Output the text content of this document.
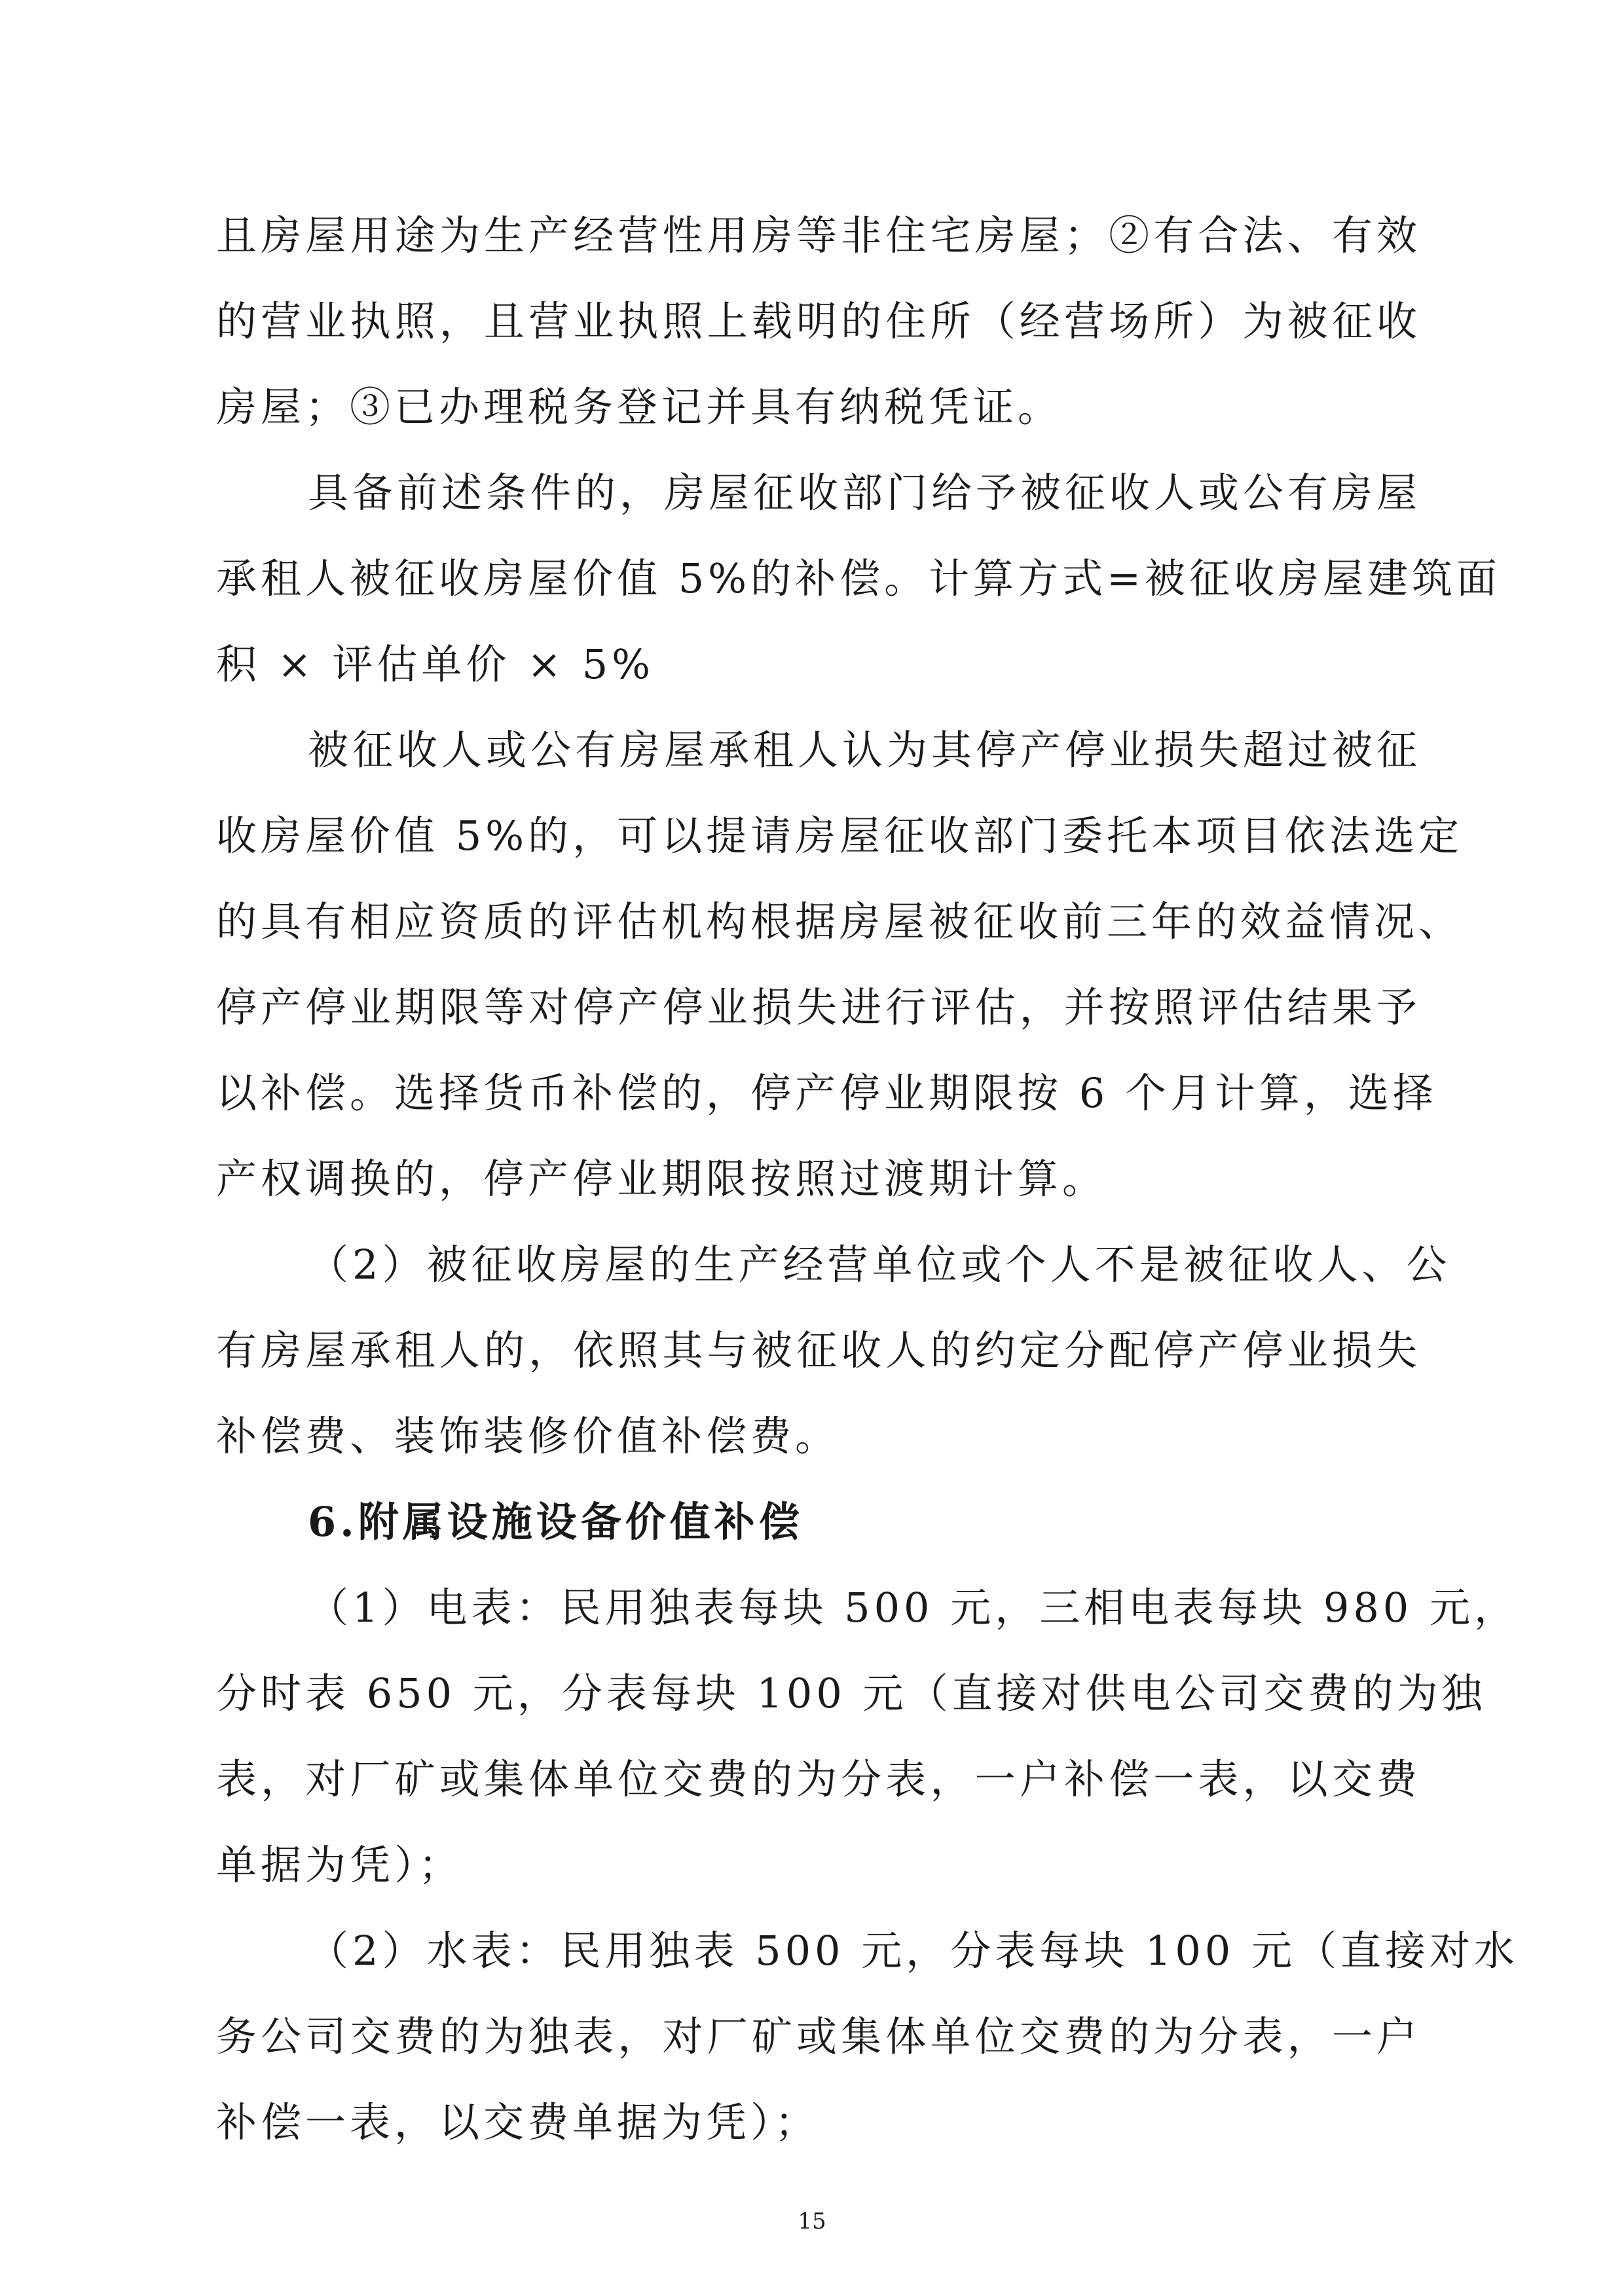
且房屋用途为生产经营性用房等非住宅房屋；②有合法、有效
的营业执照，且营业执照上载明的住所（经营场所）为被征收
房屋；③已办理税务登记并具有纳税凭证。
具备前述条件的，房屋征收部门给予被征收人或公有房屋
承租人被征收房屋价值 5%的补偿。计算方式=被征收房屋建筑面
积 × 评估单价 × 5%
被征收人或公有房屋承租人认为其停产停业损失超过被征
收房屋价值 5%的，可以提请房屋征收部门委托本项目依法选定
的具有相应资质的评估机构根据房屋被征收前三年的效益情况、
停产停业期限等对停产停业损失进行评估，并按照评估结果予
以补偿。选择货币补偿的，停产停业期限按 6 个月计算，选择
产权调换的，停产停业期限按照过渡期计算。
（2）被征收房屋的生产经营单位或个人不是被征收人、公
有房屋承租人的，依照其与被征收人的约定分配停产停业损失
补偿费、装饰装修价值补偿费。
6.附属设施设备价值补偿
（1）电表：民用独表每块 500 元，三相电表每块 980 元，
分时表 650 元，分表每块 100 元（直接对供电公司交费的为独
表，对厂矿或集体单位交费的为分表，一户补偿一表，以交费
单据为凭）；
（2）水表：民用独表 500 元，分表每块 100 元（直接对水
务公司交费的为独表，对厂矿或集体单位交费的为分表，一户
补偿一表，以交费单据为凭）；
15
